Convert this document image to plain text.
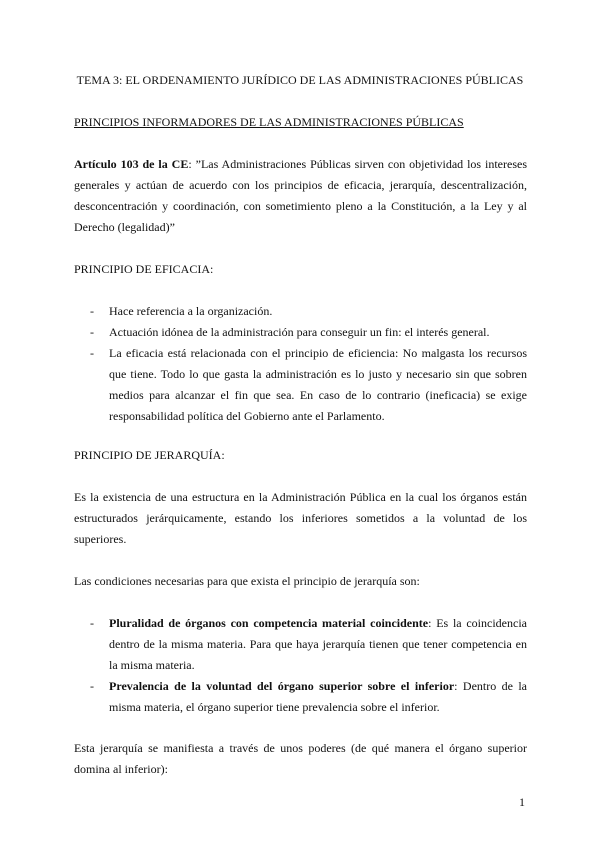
TEMA 3: EL ORDENAMIENTO JURÍDICO DE LAS ADMINISTRACIONES PÚBLICAS
PRINCIPIOS INFORMADORES DE LAS ADMINISTRACIONES PÚBLICAS
Artículo 103 de la CE: ”Las Administraciones Públicas sirven con objetividad los intereses generales y actúan de acuerdo con los principios de eficacia, jerarquía, descentralización, desconcentración y coordinación, con sometimiento pleno a la Constitución, a la Ley y al Derecho (legalidad)”
PRINCIPIO DE EFICACIA:
- Hace referencia a la organización.
- Actuación idónea de la administración para conseguir un fin: el interés general.
- La eficacia está relacionada con el principio de eficiencia: No malgasta los recursos que tiene. Todo lo que gasta la administración es lo justo y necesario sin que sobren medios para alcanzar el fin que sea. En caso de lo contrario (ineficacia) se exige responsabilidad política del Gobierno ante el Parlamento.
PRINCIPIO DE JERARQUÍA:
Es la existencia de una estructura en la Administración Pública en la cual los órganos están estructurados jerárquicamente, estando los inferiores sometidos a la voluntad de los superiores.
Las condiciones necesarias para que exista el principio de jerarquía son:
- Pluralidad de órganos con competencia material coincidente: Es la coincidencia dentro de la misma materia. Para que haya jerarquía tienen que tener competencia en la misma materia.
- Prevalencia de la voluntad del órgano superior sobre el inferior: Dentro de la misma materia, el órgano superior tiene prevalencia sobre el inferior.
Esta jerarquía se manifiesta a través de unos poderes (de qué manera el órgano superior domina al inferior):
1
